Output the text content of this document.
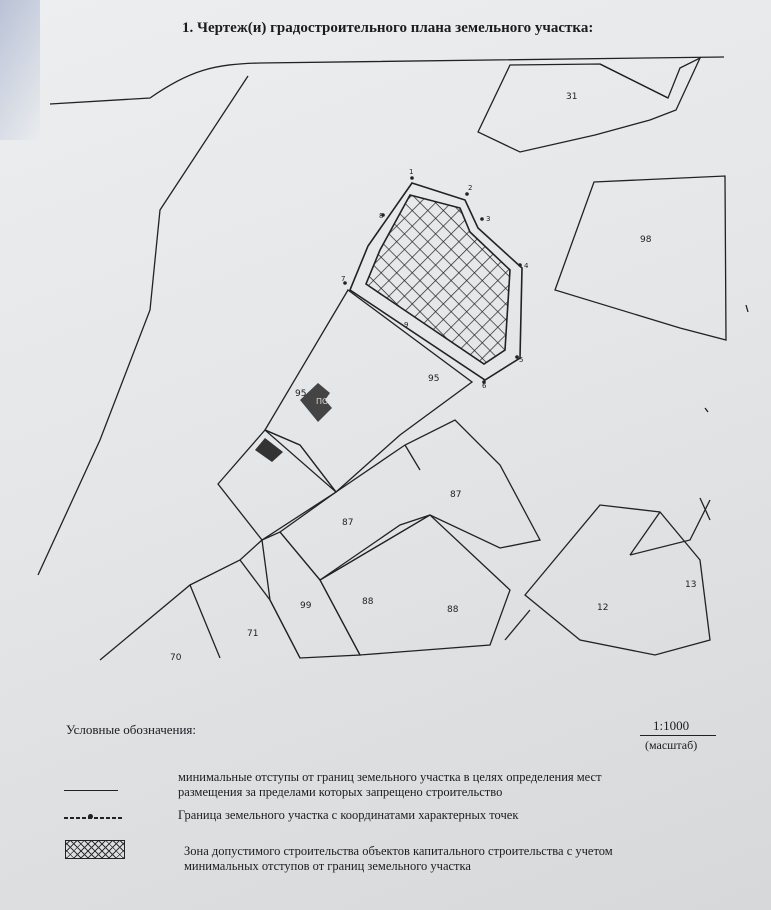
1. Чертеж(и) градостроительного плана земельного участка:
ПО
1
2
3
4
5
6
7
8
9
31
98
95
95
87
87
99	88
88
71
12
13
70
Условные обозначения:	1:1000
(масштаб)
минимальные отступы от границ земельного участка в целях определения мест
размещения за пределами которых запрещено строительство
Граница земельного участка с координатами характерных точек
Зона допустимого строительства объектов капитального строительства с учетом
минимальных отступов от границ земельного участка
